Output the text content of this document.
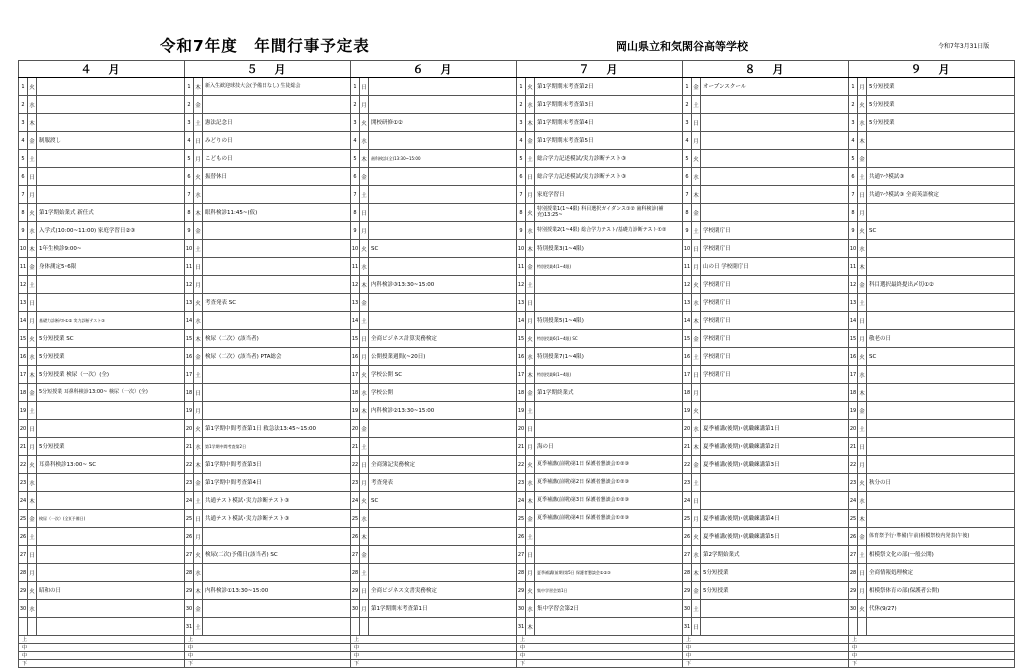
令和7年度　年間行事予定表	岡山県立和気閑谷高等学校	令和7年3月31日版
４　月			５　月			６　月			７　月			８　月			９　月		
1	火		1	木	新入生歓迎球技大会(予備日なし) 生徒総会	1	日		1	火	第1学期期末考査第2日	1	金	オープンスクール	1	月	5分短授業
2	水		2	金		2	月		2	水	第1学期期末考査第3日	2	土		2	火	5分短授業
3	木		3	土	憲法記念日	3	火	開校研修①②	3	木	第1学期期末考査第4日	3	日		3	水	5分短授業
4	金	制服渡し	4	日	みどりの日	4	水		4	金	第1学期期末考査第5日	4	月		4	木	
5	土		5	月	こどもの日	5	木	歯科検診(全)13:30~15:00	5	土	総合学力記述模試/実力診断テスト③	5	火		5	金	
6	日		6	火	振替休日	6	金		6	日	総合学力記述模試/実力診断テスト③	6	水		6	土	共通ﾏｰｸ模試③
7	月		7	水		7	土		7	月	家庭学習日	7	木		7	日	共通ﾏｰｸ模試③ 全商英語検定
8	火	第1学期始業式 新任式	8	木	眼科検診11:45~(仮)	8	日		8	火	特別授業1(1~4限) 科目選択ガイダンス①② 歯科検診(補充)13:25~	8	金		8	月	
9	水	入学式(10:00~11:00) 家庭学習日②③	9	金		9	月		9	水	特別授業2(1~4限) 総合学力テスト/基礎力診断テスト①②	9	土	学校閉庁日	9	火	SC
10	木	1年生検診9:00~	10	土		10	火	SC	10	木	特別授業3(1~4限)	10	日	学校閉庁日	10	水	
11	金	身体測定5･6限	11	日		11	水		11	金	特別授業4(1~4限)	11	月	山の日 学校閉庁日	11	木	
12	土		12	月		12	木	内科検診③13:30~15:00	12	土		12	火	学校閉庁日	12	金	科目選択最終提出〆切①②
13	日		13	火	考査発表 SC	13	金		13	日		13	水	学校閉庁日	13	土	
14	月	基礎力診断ﾃｽﾄ①② 実力診断テスト③	14	水		14	土		14	月	特別授業5(1~4限)	14	木	学校閉庁日	14	日	
15	火	5分短授業 SC	15	木	検尿（二次）(該当者)	15	日	全商ビジネス計算実務検定	15	火	特別授業6(1~4限) SC	15	金	学校閉庁日	15	月	敬老の日
16	水	5分短授業	16	金	検尿（二次）(該当者) PTA総会	16	月	公開授業週間(~20日)	16	水	特別授業7(1~4限)	16	土	学校閉庁日	16	火	SC
17	木	5分短授業 検尿（一次）(全)	17	土		17	火	学校公開 SC	17	木	特別授業8(1~4限)	17	日	学校閉庁日	17	水	
18	金	5分短授業 耳鼻科検診13:00~ 検尿（一次）(全)	18	日		18	水	学校公開	18	金	第1学期終業式	18	月		18	木	
19	土		19	月		19	木	内科検診②13:30~15:00	19	土		19	火		19	金	
20	日		20	火	第1学期中間考査第1日 救急法13:45~15:00	20	金		20	日		20	水	夏季補講(後期)･就職練講第1日	20	土	
21	月	5分短授業	21	水	第1学期中間考査第2日	21	土		21	月	海の日	21	木	夏季補講(後期)･就職練講第2日	21	日	
22	火	耳鼻科検診13:00~ SC	22	木	第1学期中間考査第3日	22	日	全商簿記実務検定	22	火	夏季補講(前期)第1日 保護者懇談会①②③	22	金	夏季補講(後期)･就職練講第3日	22	月	
23	水		23	金	第1学期中間考査第4日	23	月	考査発表	23	水	夏季補講(前期)第2日 保護者懇談会①②③	23	土		23	火	秋分の日
24	木		24	土	共通テスト模試･実力診断テスト③	24	火	SC	24	木	夏季補講(前期)第3日 保護者懇談会①②③	24	日		24	水	
25	金	検尿（一次）(全)(予備日)	25	日	共通テスト模試･実力診断テスト③	25	水		25	金	夏季補講(前期)第4日 保護者懇談会①②③	25	月	夏季補講(後期)･就職練講第4日	25	木	
26	土		26	月		26	木		26	土		26	火	夏季補講(後期)･就職練講第5日	26	金	体育祭予行･準備(午前)相模祭校内発表(午後)
27	日		27	火	検尿(二次)予備日(該当者) SC	27	金		27	日		27	水	第2学期始業式	27	土	相模祭文化の部(一般公開)
28	月		28	水		28	土		28	月	夏季補講(前期)第5日 保護者懇談会①②③	28	木	5分短授業	28	日	全商情報処理検定
29	火	昭和の日	29	木	内科検診①13:30~15:00	29	日	全商ビジネス文書実務検定	29	火	集中学習会第1日	29	金	5分短授業	29	月	相模祭体育の部(保護者公開)
30	水		30	金		30	月	第1学期期末考査第1日	30	水	集中学習会第2日	30	土		30	火	代休(9/27)
			31	土					31	木		31	日				
上			上			上			上			上			上		
中			中			中			中			中			中		
中			中			中			中			中			中		
下			下			下			下			下			下		
